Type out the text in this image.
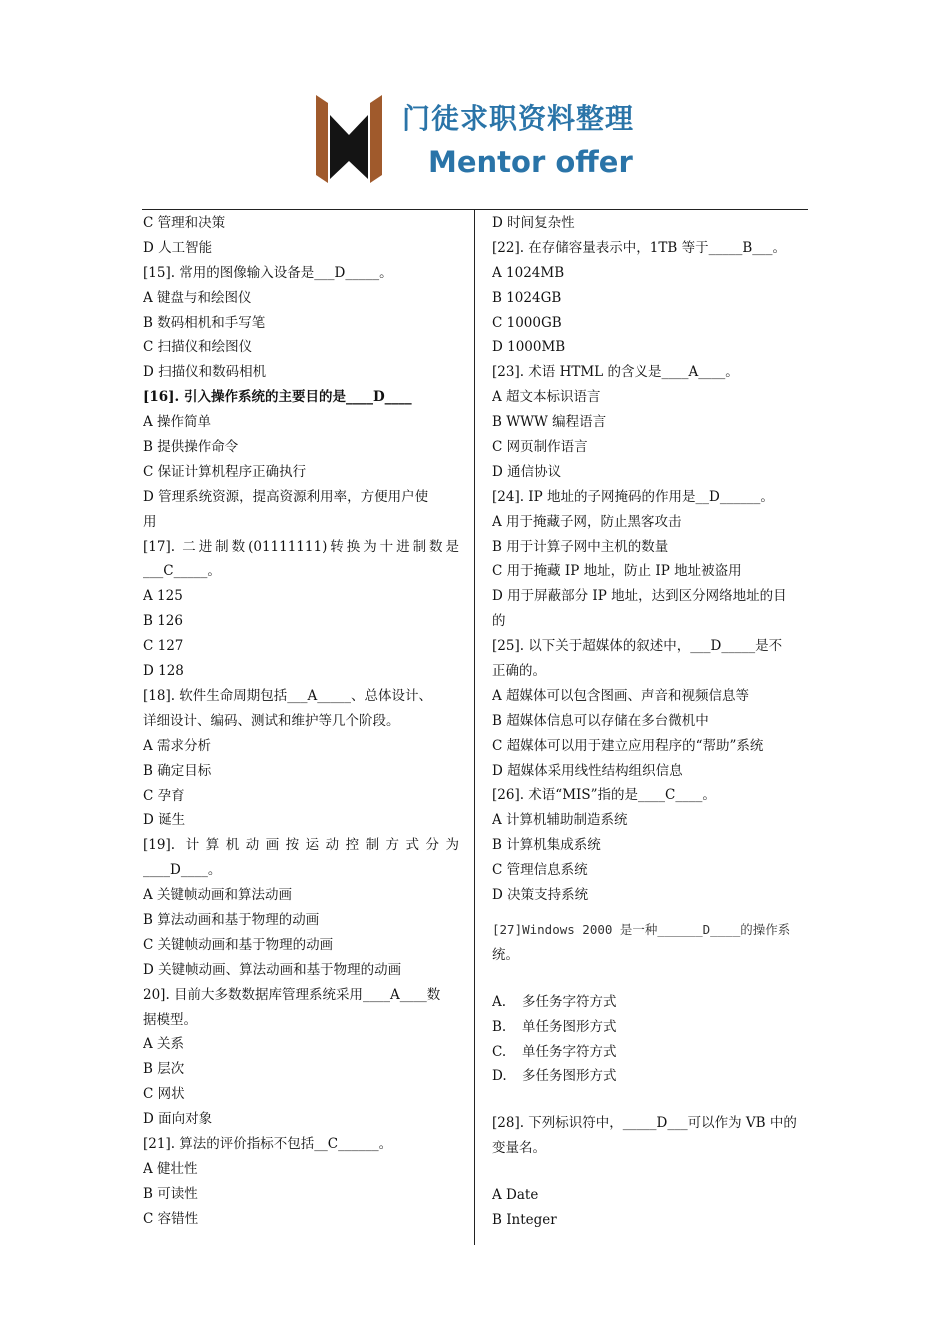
门徒求职资料整理
Mentor offer
C 管理和决策
D 人工智能
[15]. 常用的图像输入设备是___D_____。
A 键盘与和绘图仪
B 数码相机和手写笔
C 扫描仪和绘图仪
D 扫描仪和数码相机
[16]. 引入操作系统的主要目的是____D____
A 操作简单
B 提供操作命令
C 保证计算机程序正确执行
D 管理系统资源，提高资源利用率，方便用户使
用
[17]. 二进制数(01111111)转换为十进制数是
___C_____。
A 125
B 126
C 127
D 128
[18]. 软件生命周期包括___A_____、总体设计、
详细设计、编码、测试和维护等几个阶段。
A 需求分析
B 确定目标
C 孕育
D 诞生
[19]. 计算机动画按运动控制方式分为
____D____。
A 关键帧动画和算法动画
B 算法动画和基于物理的动画
C 关键帧动画和基于物理的动画
D 关键帧动画、算法动画和基于物理的动画
20]. 目前大多数数据库管理系统采用____A____数
据模型。
A 关系
B 层次
C 网状
D 面向对象
[21]. 算法的评价指标不包括__C______。
A 健壮性
B 可读性
C 容错性
D 时间复杂性
[22]. 在存储容量表示中，1TB 等于_____B___。
A 1024MB
B 1024GB
C 1000GB
D 1000MB
[23]. 术语 HTML 的含义是____A____。
A 超文本标识语言
B WWW 编程语言
C 网页制作语言
D 通信协议
[24]. IP 地址的子网掩码的作用是__D______。
A 用于掩藏子网，防止黑客攻击
B 用于计算子网中主机的数量
C 用于掩藏 IP 地址，防止 IP 地址被盗用
D 用于屏蔽部分 IP 地址，达到区分网络地址的目
的
[25]. 以下关于超媒体的叙述中，___D_____是不
正确的。
A 超媒体可以包含图画、声音和视频信息等
B 超媒体信息可以存储在多台微机中
C 超媒体可以用于建立应用程序的“帮助”系统
D 超媒体采用线性结构组织信息
[26]. 术语“MIS”指的是____C____。
A 计算机辅助制造系统
B 计算机集成系统
C 管理信息系统
D 决策支持系统
[27]Windows 2000 是一种______D____的操作系
统。
A. 多任务字符方式
B. 单任务图形方式
C. 单任务字符方式
D. 多任务图形方式
[28]. 下列标识符中，_____D___可以作为 VB 中的
变量名。
A Date
B Integer
